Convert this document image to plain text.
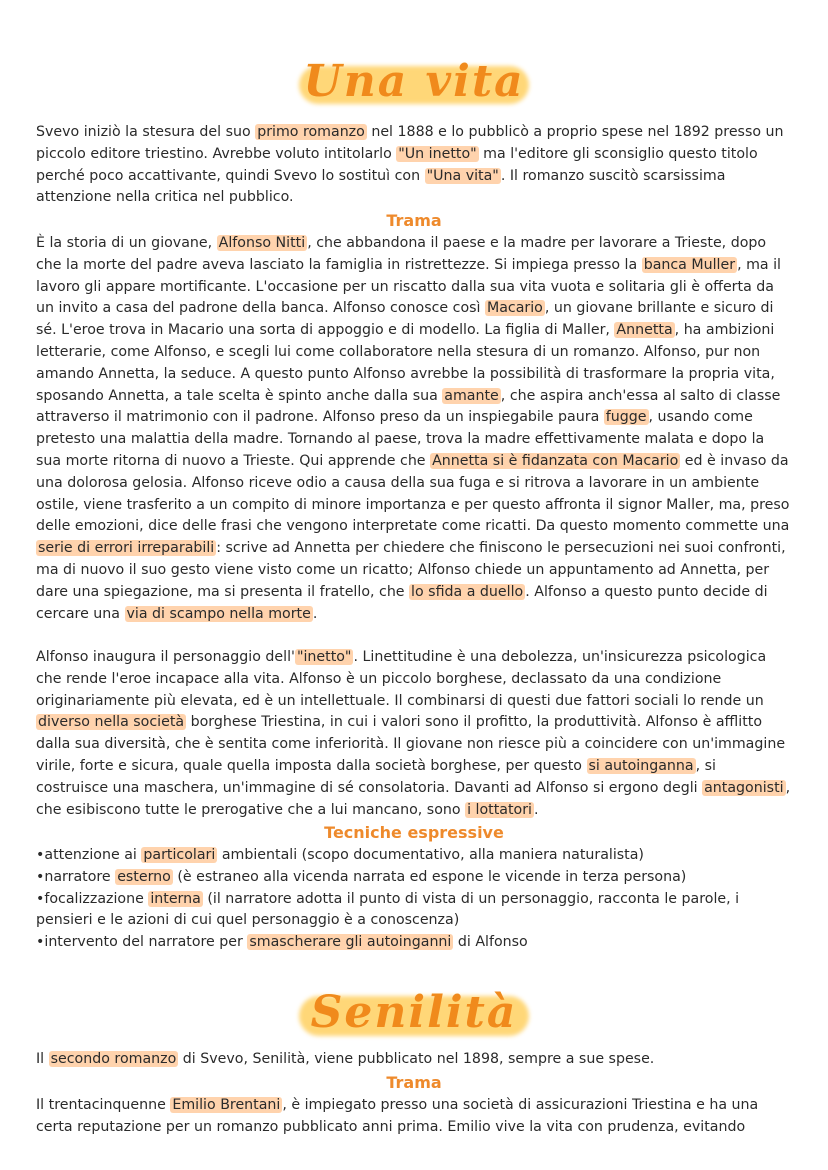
Una vita

Svevo iniziò la stesura del suo primo romanzo nel 1888 e lo pubblicò a proprio spese nel 1892 presso un piccolo editore triestino. Avrebbe voluto intitolarlo "Un inetto" ma l'editore gli sconsiglio questo titolo perché poco accattivante, quindi Svevo lo sostituì con "Una vita" . Il romanzo suscitò scarsissima attenzione nella critica nel pubblico.

Trama

È la storia di un giovane, Alfonso Nitti , che abbandona il paese e la madre per lavorare a Trieste, dopo che la morte del padre aveva lasciato la famiglia in ristrettezze. Si impiega presso la banca Muller , ma il lavoro gli appare mortificante. L'occasione per un riscatto dalla sua vita vuota e solitaria gli è offerta da un invito a casa del padrone della banca. Alfonso conosce così Macario , un giovane brillante e sicuro di sé. L'eroe trova in Macario una sorta di appoggio e di modello. La figlia di Maller, Annetta , ha ambizioni letterarie, come Alfonso, e scegli lui come collaboratore nella stesura di un romanzo. Alfonso, pur non amando Annetta, la seduce. A questo punto Alfonso avrebbe la possibilità di trasformare la propria vita, sposando Annetta, a tale scelta è spinto anche dalla sua amante , che aspira anch'essa al salto di classe attraverso il matrimonio con il padrone. Alfonso preso da un inspiegabile paura fugge , usando come pretesto una malattia della madre. Tornando al paese, trova la madre effettivamente malata e dopo la sua morte ritorna di nuovo a Trieste. Qui apprende che Annetta si è fidanzata con Macario ed è invaso da una dolorosa gelosia. Alfonso riceve odio a causa della sua fuga e si ritrova a lavorare in un ambiente ostile, viene trasferito a un compito di minore importanza e per questo affronta il signor Maller, ma, preso delle emozioni, dice delle frasi che vengono interpretate come ricatti. Da questo momento commette una serie di errori irreparabili : scrive ad Annetta per chiedere che finiscono le persecuzioni nei suoi confronti, ma di nuovo il suo gesto viene visto come un ricatto; Alfonso chiede un appuntamento ad Annetta, per dare una spiegazione, ma si presenta il fratello, che lo sfida a duello . Alfonso a questo punto decide di cercare una via di scampo nella morte .

Alfonso inaugura il personaggio dell' "inetto" . Linettitudine è una debolezza, un'insicurezza psicologica che rende l'eroe incapace alla vita. Alfonso è un piccolo borghese, declassato da una condizione originariamente più elevata, ed è un intellettuale. Il combinarsi di questi due fattori sociali lo rende un diverso nella società borghese Triestina, in cui i valori sono il profitto, la produttività. Alfonso è afflitto dalla sua diversità, che è sentita come inferiorità. Il giovane non riesce più a coincidere con un'immagine virile, forte e sicura, quale quella imposta dalla società borghese, per questo si autoinganna , si costruisce una maschera, un'immagine di sé consolatoria. Davanti ad Alfonso si ergono degli antagonisti , che esibiscono tutte le prerogative che a lui mancano, sono i lottatori .

Tecniche espressive
• attenzione ai particolari ambientali (scopo documentativo, alla maniera naturalista)
• narratore esterno (è estraneo alla vicenda narrata ed espone le vicende in terza persona)
• focalizzazione interna (il narratore adotta il punto di vista di un personaggio, racconta le parole, i pensieri e le azioni di cui quel personaggio è a conoscenza)
• intervento del narratore per smascherare gli autoinganni di Alfonso
Senilità

Il secondo romanzo di Svevo, Senilità, viene pubblicato nel 1898, sempre a sue spese.

Trama

Il trentacinquenne Emilio Brentani , è impiegato presso una società di assicurazioni Triestina e ha una certa reputazione per un romanzo pubblicato anni prima. Emilio vive la vita con prudenza, evitando
